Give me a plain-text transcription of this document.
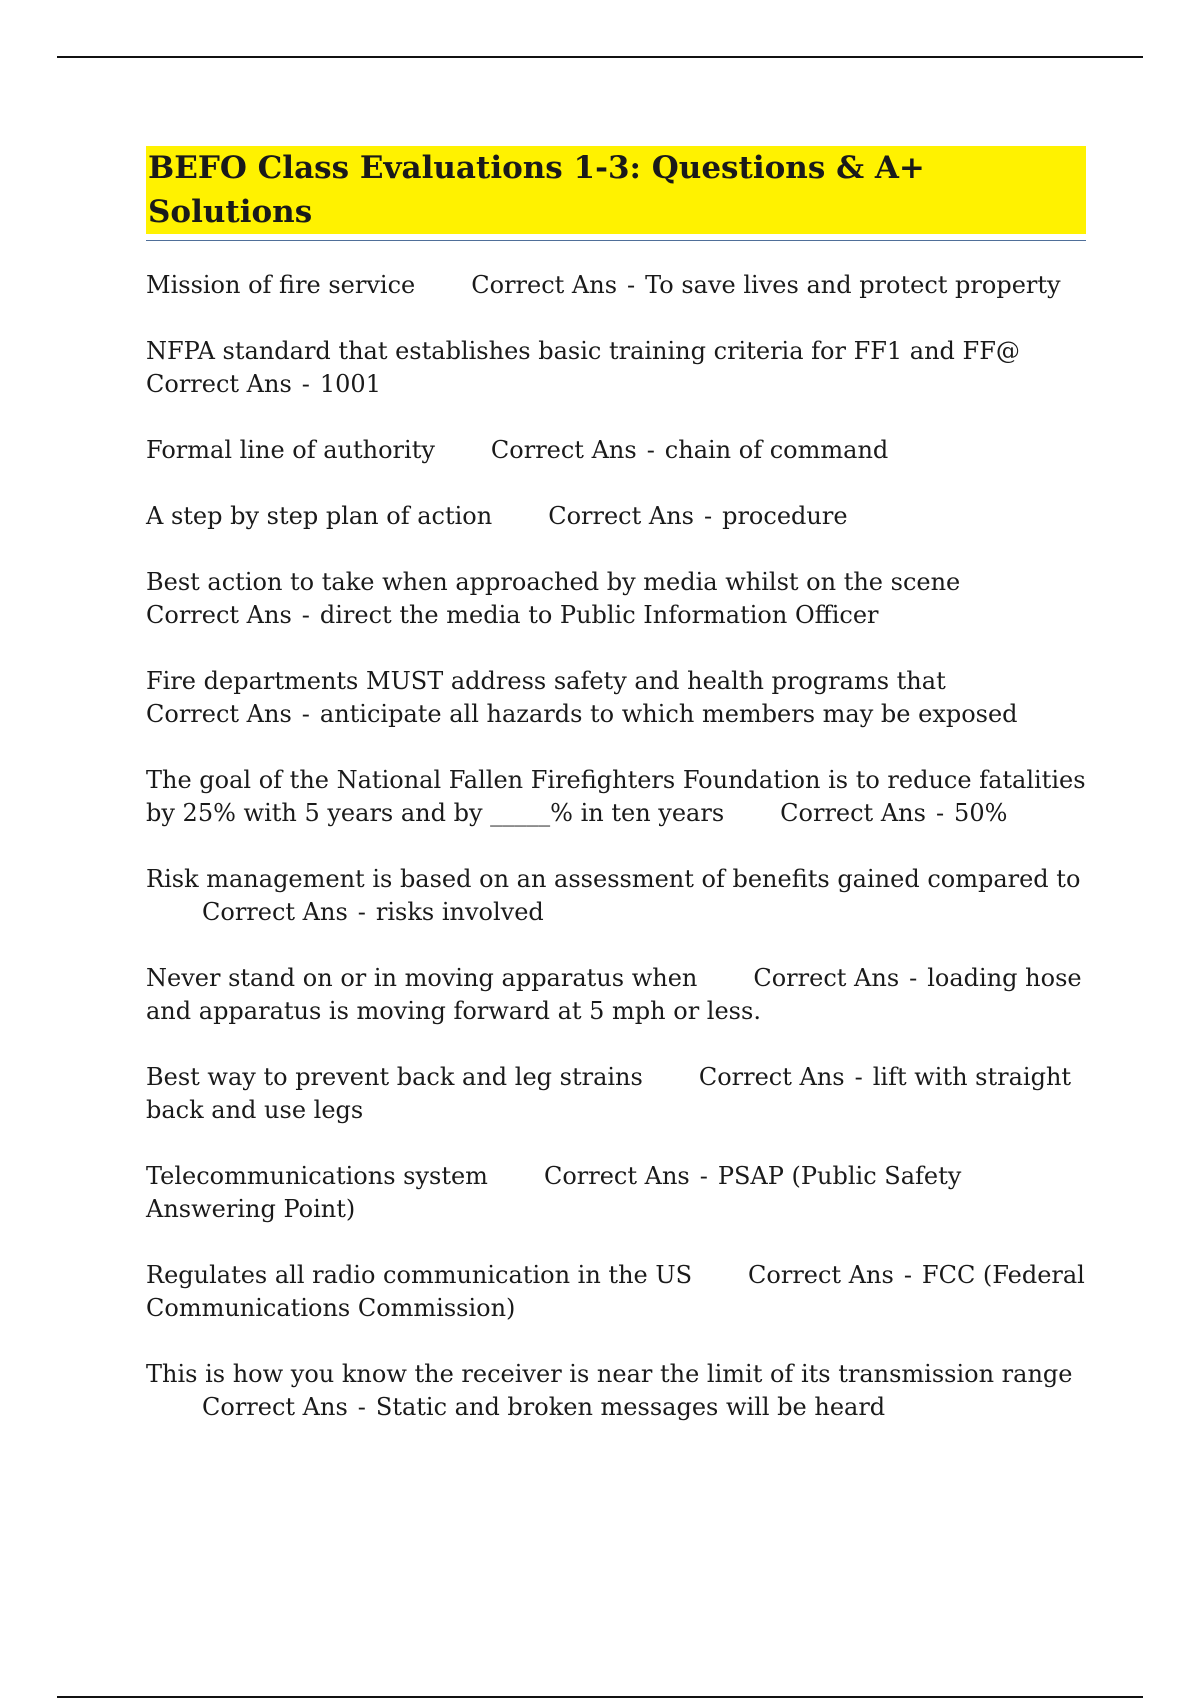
BEFO Class Evaluations 1-3: Questions & A+ Solutions

Mission of fire service Correct Ans - To save lives and protect property

NFPA standard that establishes basic training criteria for FF1 and FF@Correct Ans - 1001

Formal line of authority Correct Ans - chain of command

A step by step plan of action Correct Ans - procedure

Best action to take when approached by media whilst on the sceneCorrect Ans - direct the media to Public Information Officer

Fire departments MUST address safety and health programs thatCorrect Ans - anticipate all hazards to which members may be exposed

The goal of the National Fallen Firefighters Foundation is to reduce fatalities by 25% with 5 years and by _____% in ten years Correct Ans - 50%

Risk management is based on an assessment of benefits gained compared toCorrect Ans - risks involved

Never stand on or in moving apparatus when Correct Ans - loading hose and apparatus is moving forward at 5 mph or less.

Best way to prevent back and leg strains Correct Ans - lift with straight back and use legs

Telecommunications system Correct Ans - PSAP (Public Safety Answering Point)

Regulates all radio communication in the US Correct Ans - FCC (Federal Communications Commission)

This is how you know the receiver is near the limit of its transmission rangeCorrect Ans - Static and broken messages will be heard
